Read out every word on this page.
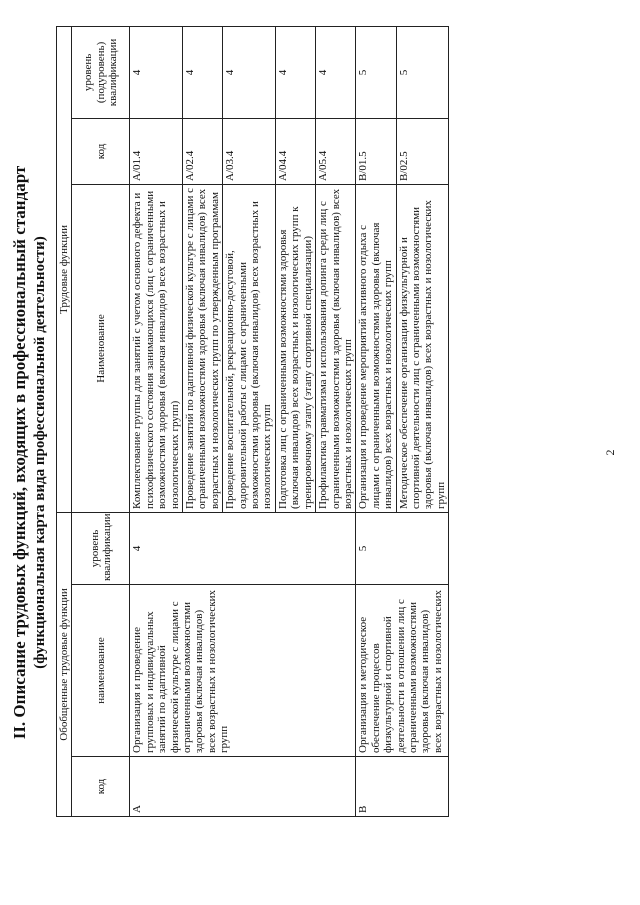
2
II. Описание трудовых функций, входящих в профессиональный стандарт (функциональная карта вида профессиональной деятельности) Обобщенные трудовые функции			Трудовые функции		
код	наименование	уровень квалификации	Наименование	код	уровень (подуровень) квалификации
А	Организация и проведение групповых и индивидуальных занятий по адаптивной физической культуре с лицами с ограниченными возможностями здоровья (включая инвалидов) всех возрастных и нозологических групп	4	Комплектование группы для занятий с учетом основного дефекта и психофизического состояния занимающихся (лиц с ограниченными возможностями здоровья (включая инвалидов) всех возрастных и нозологических групп)	А/01.4	4
			Проведение занятий по адаптивной физической культуре с лицами с ограниченными возможностями здоровья (включая инвалидов) всех возрастных и нозологических групп по утвержденным программам	А/02.4	4
			Проведение воспитательной, рекреационно-досуговой, оздоровительной работы с лицами с ограниченными возможностями здоровья (включая инвалидов) всех возрастных и нозологических групп	А/03.4	4
			Подготовка лиц с ограниченными возможностями здоровья (включая инвалидов) всех возрастных и нозологических групп к тренировочному этапу (этапу спортивной специализации)	А/04.4	4
			Профилактика травматизма и использования допинга среди лиц с ограниченными возможностями здоровья (включая инвалидов) всех возрастных и нозологических групп	А/05.4	4
В	Организация и методическое обеспечение процессов физкультурной и спортивной деятельности в отношении лиц с ограниченными возможностями здоровья (включая инвалидов) всех возрастных и нозологических	5	Организация и проведение мероприятий активного отдыха с лицами с ограниченными возможностями здоровья (включая инвалидов) всех возрастных и нозологических групп	В/01.5	5
			Методическое обеспечение организации физкультурной и спортивной деятельности лиц с ограниченными возможностями здоровья (включая инвалидов) всех возрастных и нозологических групп	В/02.5	5
